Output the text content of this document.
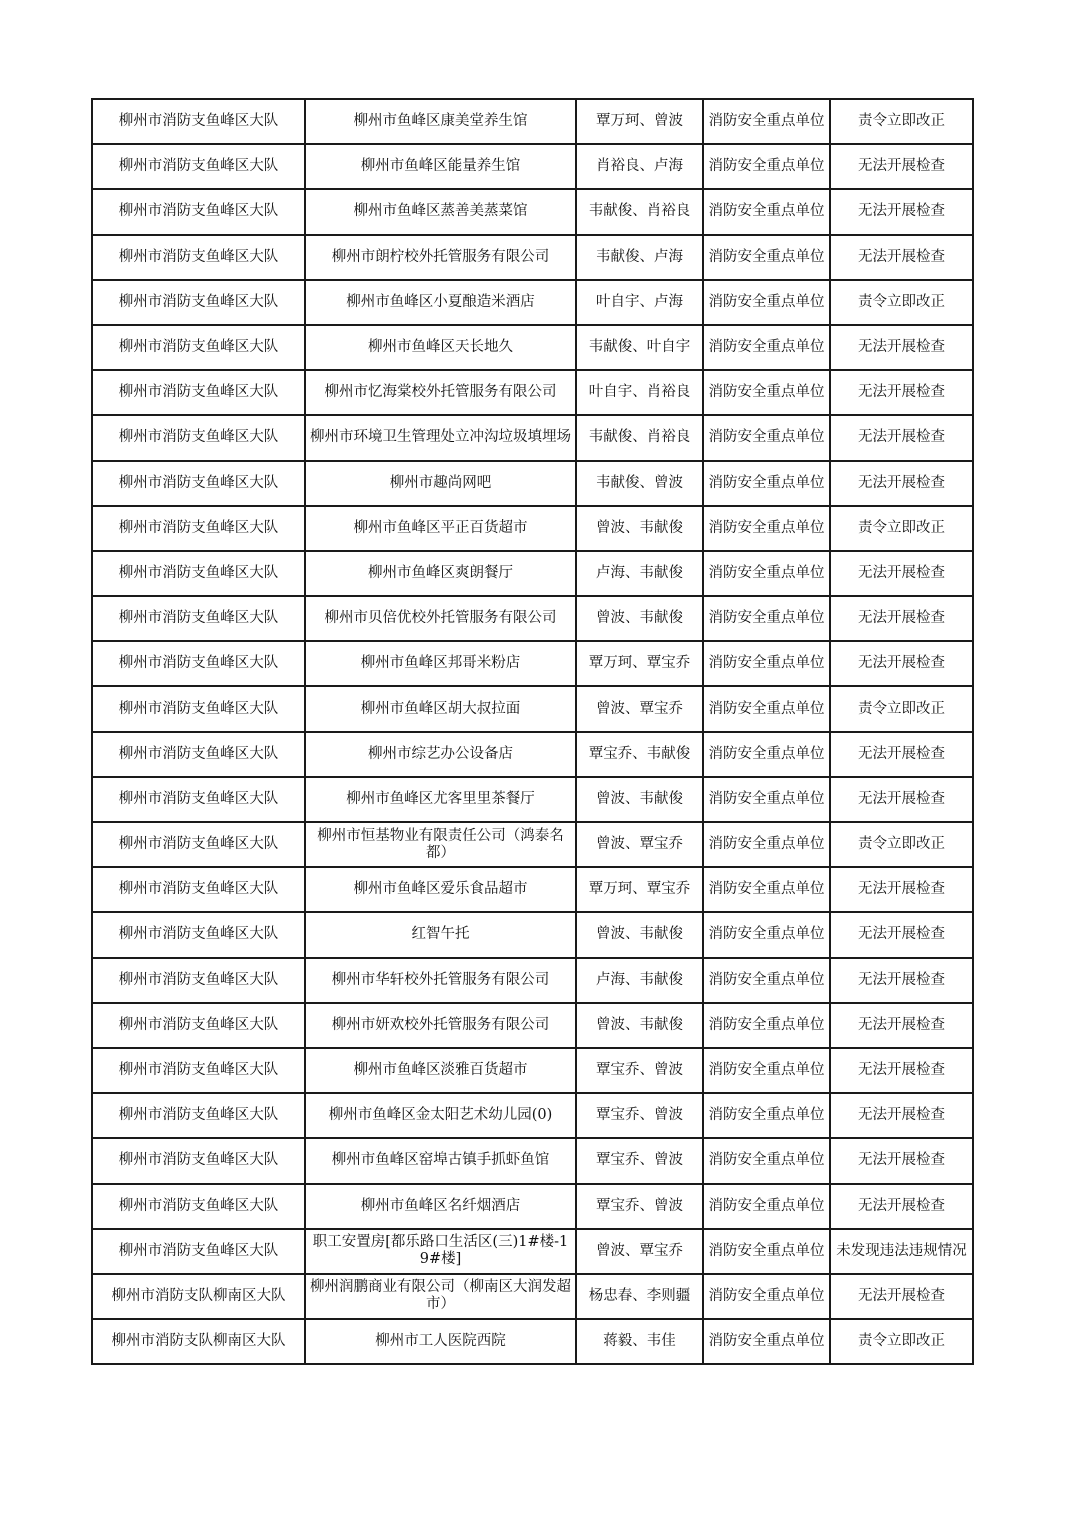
柳州市消防支鱼峰区大队	柳州市鱼峰区康美堂养生馆	覃万珂、曾波	消防安全重点单位	责令立即改正
柳州市消防支鱼峰区大队	柳州市鱼峰区能量养生馆	肖裕良、卢海	消防安全重点单位	无法开展检查
柳州市消防支鱼峰区大队	柳州市鱼峰区蒸善美蒸菜馆	韦献俊、肖裕良	消防安全重点单位	无法开展检查
柳州市消防支鱼峰区大队	柳州市朗柠校外托管服务有限公司	韦献俊、卢海	消防安全重点单位	无法开展检查
柳州市消防支鱼峰区大队	柳州市鱼峰区小夏酿造米酒店	叶自宇、卢海	消防安全重点单位	责令立即改正
柳州市消防支鱼峰区大队	柳州市鱼峰区天长地久	韦献俊、叶自宇	消防安全重点单位	无法开展检查
柳州市消防支鱼峰区大队	柳州市忆海棠校外托管服务有限公司	叶自宇、肖裕良	消防安全重点单位	无法开展检查
柳州市消防支鱼峰区大队	柳州市环境卫生管理处立冲沟垃圾填埋场	韦献俊、肖裕良	消防安全重点单位	无法开展检查
柳州市消防支鱼峰区大队	柳州市趣尚网吧	韦献俊、曾波	消防安全重点单位	无法开展检查
柳州市消防支鱼峰区大队	柳州市鱼峰区平正百货超市	曾波、韦献俊	消防安全重点单位	责令立即改正
柳州市消防支鱼峰区大队	柳州市鱼峰区爽朗餐厅	卢海、韦献俊	消防安全重点单位	无法开展检查
柳州市消防支鱼峰区大队	柳州市贝倍优校外托管服务有限公司	曾波、韦献俊	消防安全重点单位	无法开展检查
柳州市消防支鱼峰区大队	柳州市鱼峰区邦哥米粉店	覃万珂、覃宝乔	消防安全重点单位	无法开展检查
柳州市消防支鱼峰区大队	柳州市鱼峰区胡大叔拉面	曾波、覃宝乔	消防安全重点单位	责令立即改正
柳州市消防支鱼峰区大队	柳州市综艺办公设备店	覃宝乔、韦献俊	消防安全重点单位	无法开展检查
柳州市消防支鱼峰区大队	柳州市鱼峰区尤客里里茶餐厅	曾波、韦献俊	消防安全重点单位	无法开展检查
柳州市消防支鱼峰区大队	柳州市恒基物业有限责任公司（鸿泰名都）	曾波、覃宝乔	消防安全重点单位	责令立即改正
柳州市消防支鱼峰区大队	柳州市鱼峰区爱乐食品超市	覃万珂、覃宝乔	消防安全重点单位	无法开展检查
柳州市消防支鱼峰区大队	红智午托	曾波、韦献俊	消防安全重点单位	无法开展检查
柳州市消防支鱼峰区大队	柳州市华轩校外托管服务有限公司	卢海、韦献俊	消防安全重点单位	无法开展检查
柳州市消防支鱼峰区大队	柳州市妍欢校外托管服务有限公司	曾波、韦献俊	消防安全重点单位	无法开展检查
柳州市消防支鱼峰区大队	柳州市鱼峰区淡雅百货超市	覃宝乔、曾波	消防安全重点单位	无法开展检查
柳州市消防支鱼峰区大队	柳州市鱼峰区金太阳艺术幼儿园(0)	覃宝乔、曾波	消防安全重点单位	无法开展检查
柳州市消防支鱼峰区大队	柳州市鱼峰区窑埠古镇手抓虾鱼馆	覃宝乔、曾波	消防安全重点单位	无法开展检查
柳州市消防支鱼峰区大队	柳州市鱼峰区名纤烟酒店	覃宝乔、曾波	消防安全重点单位	无法开展检查
柳州市消防支鱼峰区大队	职工安置房[都乐路口生活区(三)1#楼-19#楼]	曾波、覃宝乔	消防安全重点单位	未发现违法违规情况
柳州市消防支队柳南区大队	柳州润鹏商业有限公司（柳南区大润发超市）	杨忠春、李则疆	消防安全重点单位	无法开展检查
柳州市消防支队柳南区大队	柳州市工人医院西院	蒋毅、韦佳	消防安全重点单位	责令立即改正
